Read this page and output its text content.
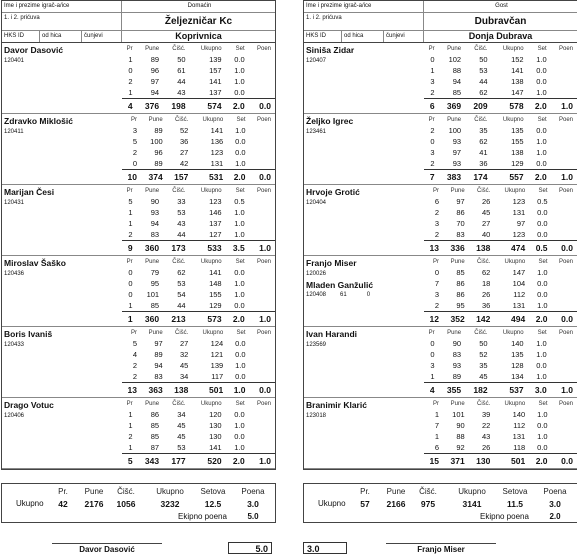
Ime i prezime igrač-a/ice	Domaćin
1. i 2. prićuva	Željezničar Kc
HKS ID	od hica	čunjevi	Koprivnica
Davor Dasović
120401
Pr	Pune	Čišć.	Ukupno	Set	Poen
1	89	50	139	0.0	
0	96	61	157	1.0	
2	97	44	141	1.0	
1	94	43	137	0.0	
4	376	198	574	2.0	0.0
Zdravko Miklošić
120411
Pr	Pune	Čišć.	Ukupno	Set	Poen
3	89	52	141	1.0	
5	100	36	136	0.0	
2	96	27	123	0.0	
0	89	42	131	1.0	
10	374	157	531	2.0	0.0
Marijan Česi
120431
Pr	Pune	Čišć.	Ukupno	Set	Poen
5	90	33	123	0.5	
1	93	53	146	1.0	
1	94	43	137	1.0	
2	83	44	127	1.0	
9	360	173	533	3.5	1.0
Miroslav Šaško
120436
Pr	Pune	Čišć.	Ukupno	Set	Poen
0	79	62	141	0.0	
0	95	53	148	1.0	
0	101	54	155	1.0	
1	85	44	129	0.0	
1	360	213	573	2.0	1.0
Boris Ivaniš
120433
Pr	Pune	Čišć.	Ukupno	Set	Poen
5	97	27	124	0.0	
4	89	32	121	0.0	
2	94	45	139	1.0	
2	83	34	117	0.0	
13	363	138	501	1.0	0.0
Drago Votuc
120406
Pr	Pune	Čišć.	Ukupno	Set	Poen
1	86	34	120	0.0	
1	85	45	130	1.0	
2	85	45	130	0.0	
1	87	53	141	1.0	
5	343	177	520	2.0	1.0
Ime i prezime igrač-a/ice	Gost
1. i 2. prićuva	Dubravčan
HKS ID	od hica	čunjevi	Donja Dubrava
Siniša Zidar
120407
Pr	Pune	Čišć.	Ukupno	Set	Poen
0	102	50	152	1.0	
1	88	53	141	0.0	
3	94	44	138	0.0	
2	85	62	147	1.0	
6	369	209	578	2.0	1.0
Željko Igrec
123461
Pr	Pune	Čišć.	Ukupno	Set	Poen
2	100	35	135	0.0	
0	93	62	155	1.0	
3	97	41	138	1.0	
2	93	36	129	0.0	
7	383	174	557	2.0	1.0
Hrvoje Grotić
120404
Pr	Pune	Čišć.	Ukupno	Set	Poen
6	97	26	123	0.5	
2	86	45	131	0.0	
3	70	27	97	0.0	
2	83	40	123	0.0	
13	336	138	474	0.5	0.0
Franjo Miser
120026
Mladen Ganžulić
120408 61	0
Pr	Pune	Čišć.	Ukupno	Set	Poen
0	85	62	147	1.0	
7	86	18	104	0.0	
3	86	26	112	0.0	
2	95	36	131	1.0	
12	352	142	494	2.0	0.0
Ivan Harandi
123569
Pr	Pune	Čišć.	Ukupno	Set	Poen
0	90	50	140	1.0	
0	83	52	135	1.0	
3	93	35	128	0.0	
1	89	45	134	1.0	
4	355	182	537	3.0	1.0
Branimir Klarić
123018
Pr	Pune	Čišć.	Ukupno	Set	Poen
1	101	39	140	1.0	
7	90	22	112	0.0	
1	88	43	131	1.0	
6	92	26	118	0.0	
15	371	130	501	2.0	0.0
Pr.	Pune	Čišć.	Ukupno	Setova	Poena
Ukupno	42	2176 1056	3232	12.5	3.0
Ekipno poena	5.0
Pr.	Pune	Čišć.	Ukupno	Setova	Poena
Ukupno	57	2166	975	3141	11.5	3.0
Ekipno poena	2.0
Davor Dasović	5.0	3.0	Franjo Miser
